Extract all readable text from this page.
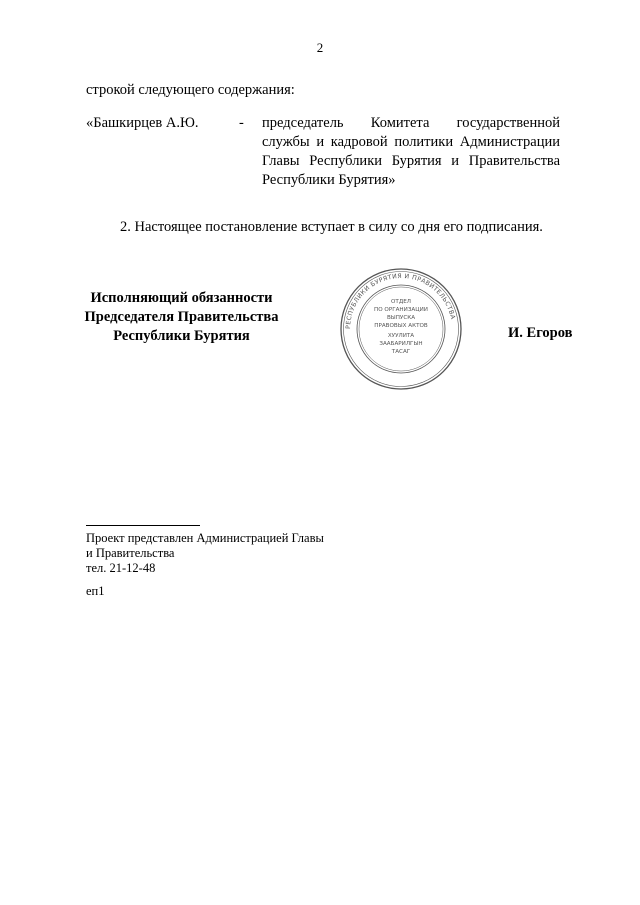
2
строкой следующего содержания:
«Башкирцев А.Ю.	- председатель Комитета государственной
службы и кадровой политики Администрации
Главы Республики Бурятия и Правительства
Республики Бурятия»
2. Настоящее постановление вступает в силу со дня его подписания.
Исполняющий обязанности
Председателя Правительства
Республики Бурятия
РЕСПУБЛИКИ БУРЯТИЯ И ПРАВИТЕЛЬСТВА
ОТДЕЛ
ПО ОРГАНИЗАЦИИ
ВЫПУСКА
ПРАВОВЫХ АКТОВ
ХУУЛИТА
ЗААБАРИЛГЫН
ТАСАГ
И. Егоров
Проект представлен Администрацией Главы
и Правительства
тел. 21-12-48
еп1
